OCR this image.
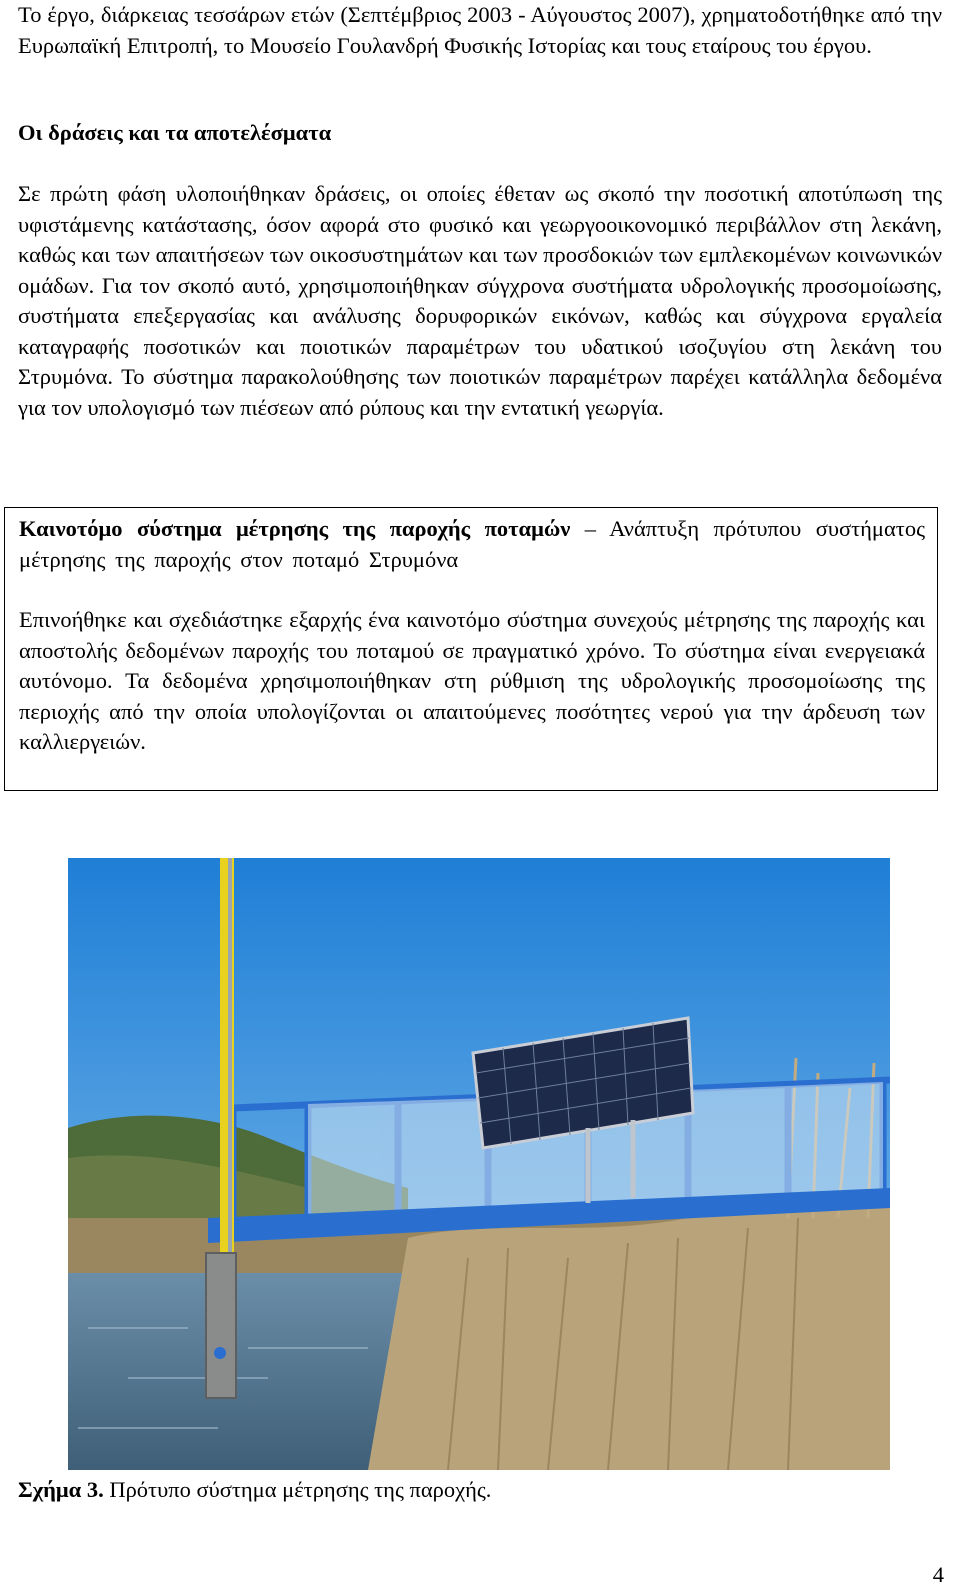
Το έργο, διάρκειας τεσσάρων ετών (Σεπτέμβριος 2003 - Αύγουστος 2007), χρηματοδοτήθηκε από την Ευρωπαϊκή Επιτροπή, το Μουσείο Γουλανδρή Φυσικής Ιστορίας και τους εταίρους του έργου.

Οι δράσεις και τα αποτελέσματα

Σε πρώτη φάση υλοποιήθηκαν δράσεις, οι οποίες έθεταν ως σκοπό την ποσοτική αποτύπωση της υφιστάμενης κατάστασης, όσον αφορά στο φυσικό και γεωργοοικονομικό περιβάλλον στη λεκάνη, καθώς και των απαιτήσεων των οικοσυστημάτων και των προσδοκιών των εμπλεκομένων κοινωνικών ομάδων. Για τον σκοπό αυτό, χρησιμοποιήθηκαν σύγχρονα συστήματα υδρολογικής προσομοίωσης, συστήματα επεξεργασίας και ανάλυσης δορυφορικών εικόνων, καθώς και σύγχρονα εργαλεία καταγραφής ποσοτικών και ποιοτικών παραμέτρων του υδατικού ισοζυγίου στη λεκάνη του Στρυμόνα. Το σύστημα παρακολούθησης των ποιοτικών παραμέτρων παρέχει κατάλληλα δεδομένα για τον υπολογισμό των πιέσεων από ρύπους και την εντατική γεωργία.

Καινοτόμο σύστημα μέτρησης της παροχής ποταμών – Ανάπτυξη πρότυπου συστήματος μέτρησης της παροχής στον ποταμό Στρυμόνα

Επινοήθηκε και σχεδιάστηκε εξαρχής ένα καινοτόμο σύστημα συνεχούς μέτρησης της παροχής και αποστολής δεδομένων παροχής του ποταμού σε πραγματικό χρόνο. Το σύστημα είναι ενεργειακά αυτόνομο. Τα δεδομένα χρησιμοποιήθηκαν στη ρύθμιση της υδρολογικής προσομοίωσης της περιοχής από την οποία υπολογίζονται οι απαιτούμενες ποσότητες νερού για την άρδευση των καλλιεργειών.

Σχήμα 3. Πρότυπο σύστημα μέτρησης της παροχής.

4
